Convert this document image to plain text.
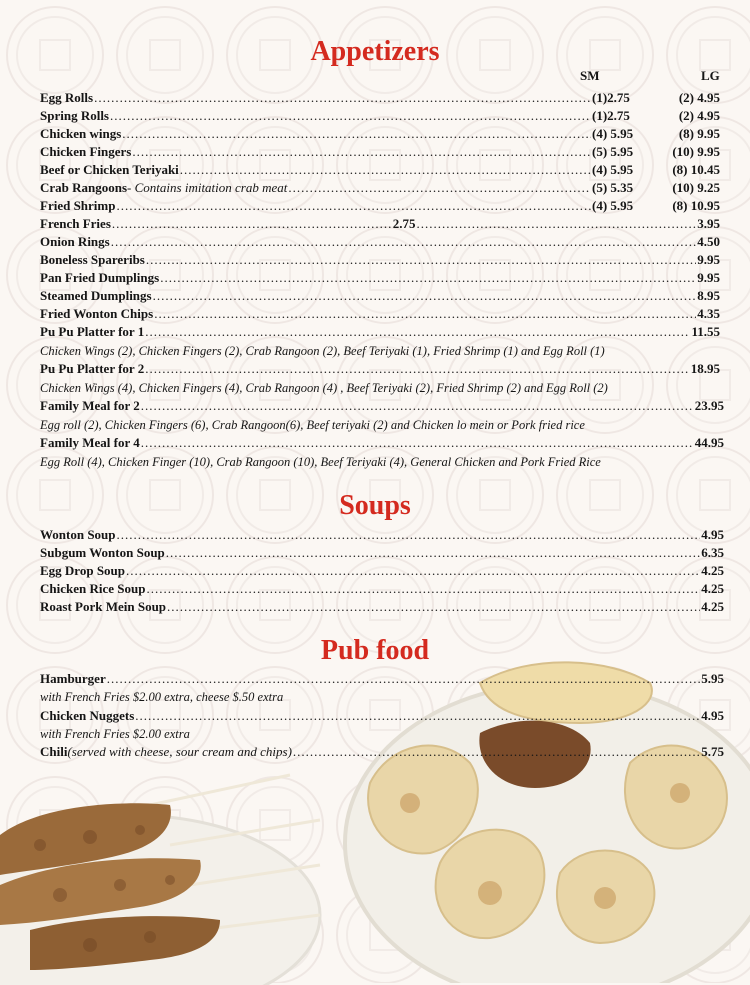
Appetizers
SM	LG
Egg Rolls .....	(1)2.75	(2) 4.95
Spring Rolls .....	(1)2.75	(2) 4.95
Chicken wings .....	(4) 5.95	(8) 9.95
Chicken Fingers .....	(5) 5.95	(10) 9.95
Beef or Chicken Teriyaki .....	(4) 5.95	(8) 10.45
Crab Rangoons - Contains imitation crab meat .....	(5) 5.35	(10) 9.25
Fried Shrimp .....	(4) 5.95	(8) 10.95
French Fries .....	2.75 .....	3.95
Onion Rings .....	4.50
Boneless Spareribs .....	9.95
Pan Fried Dumplings .....	9.95
Steamed Dumplings .....	8.95
Fried Wonton Chips .....	4.35
Pu Pu Platter for 1 .....	11.55
Chicken Wings (2), Chicken Fingers (2), Crab Rangoon (2), Beef Teriyaki (1), Fried Shrimp (1) and Egg Roll (1)
Pu Pu Platter for 2 .....	18.95
Chicken Wings (4), Chicken Fingers (4), Crab Rangoon (4) , Beef Teriyaki (2), Fried Shrimp (2) and Egg Roll (2)
Family Meal for 2 .....	23.95
Egg roll (2), Chicken Fingers (6), Crab Rangoon(6), Beef teriyaki (2) and Chicken lo mein or Pork fried rice
Family Meal for 4 .....	44.95
Egg Roll (4), Chicken Finger (10), Crab Rangoon (10), Beef Teriyaki (4), General Chicken and Pork Fried Rice
Soups
Wonton Soup .....	4.95
Subgum Wonton Soup .....	6.35
Egg Drop Soup .....	4.25
Chicken Rice Soup .....	4.25
Roast Pork Mein Soup .....	4.25
Pub food
Hamburger .....	5.95
with French Fries $2.00 extra, cheese $.50 extra
Chicken Nuggets .....	4.95
with French Fries $2.00 extra
Chili (served with cheese, sour cream and chips) .....	5.75
